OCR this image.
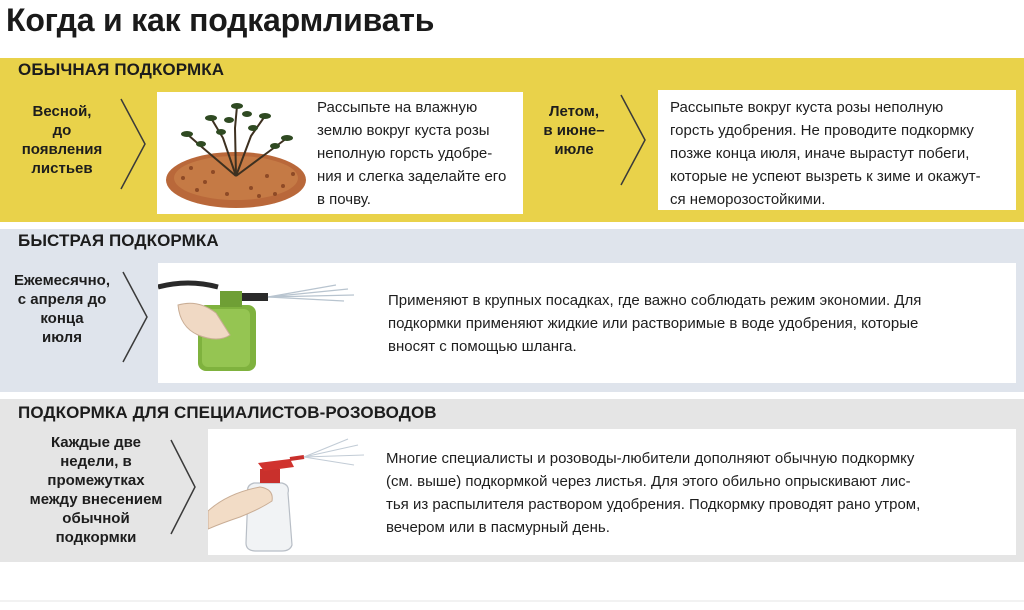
Когда и как подкармливать
ОБЫЧНАЯ ПОДКОРМКА
Весной,
до
появления
листьев
Рассыпьте на влажную
землю вокруг куста розы
неполную горсть удобре-
ния и слегка заделайте его
в почву.
Летом,
в июне–
июле
Рассыпьте вокруг куста розы неполную
горсть удобрения. Не проводите подкормку
позже конца июля, иначе вырастут побеги,
которые не успеют вызреть к зиме и окажут-
ся неморозостойкими.
БЫСТРАЯ ПОДКОРМКА
Ежемесячно,
с апреля до
конца
июля
Применяют в крупных посадках, где важно соблюдать режим экономии. Для
подкормки применяют жидкие или растворимые в воде удобрения, которые
вносят с помощью шланга.
ПОДКОРМКА ДЛЯ СПЕЦИАЛИСТОВ-РОЗОВОДОВ
Каждые две
недели, в
промежутках
между внесением
обычной
подкормки
Многие специалисты и розоводы-любители дополняют обычную подкормку
(см. выше) подкормкой через листья. Для этого обильно опрыскивают лис-
тья из распылителя раствором удобрения. Подкормку проводят рано утром,
вечером или в пасмурный день.
